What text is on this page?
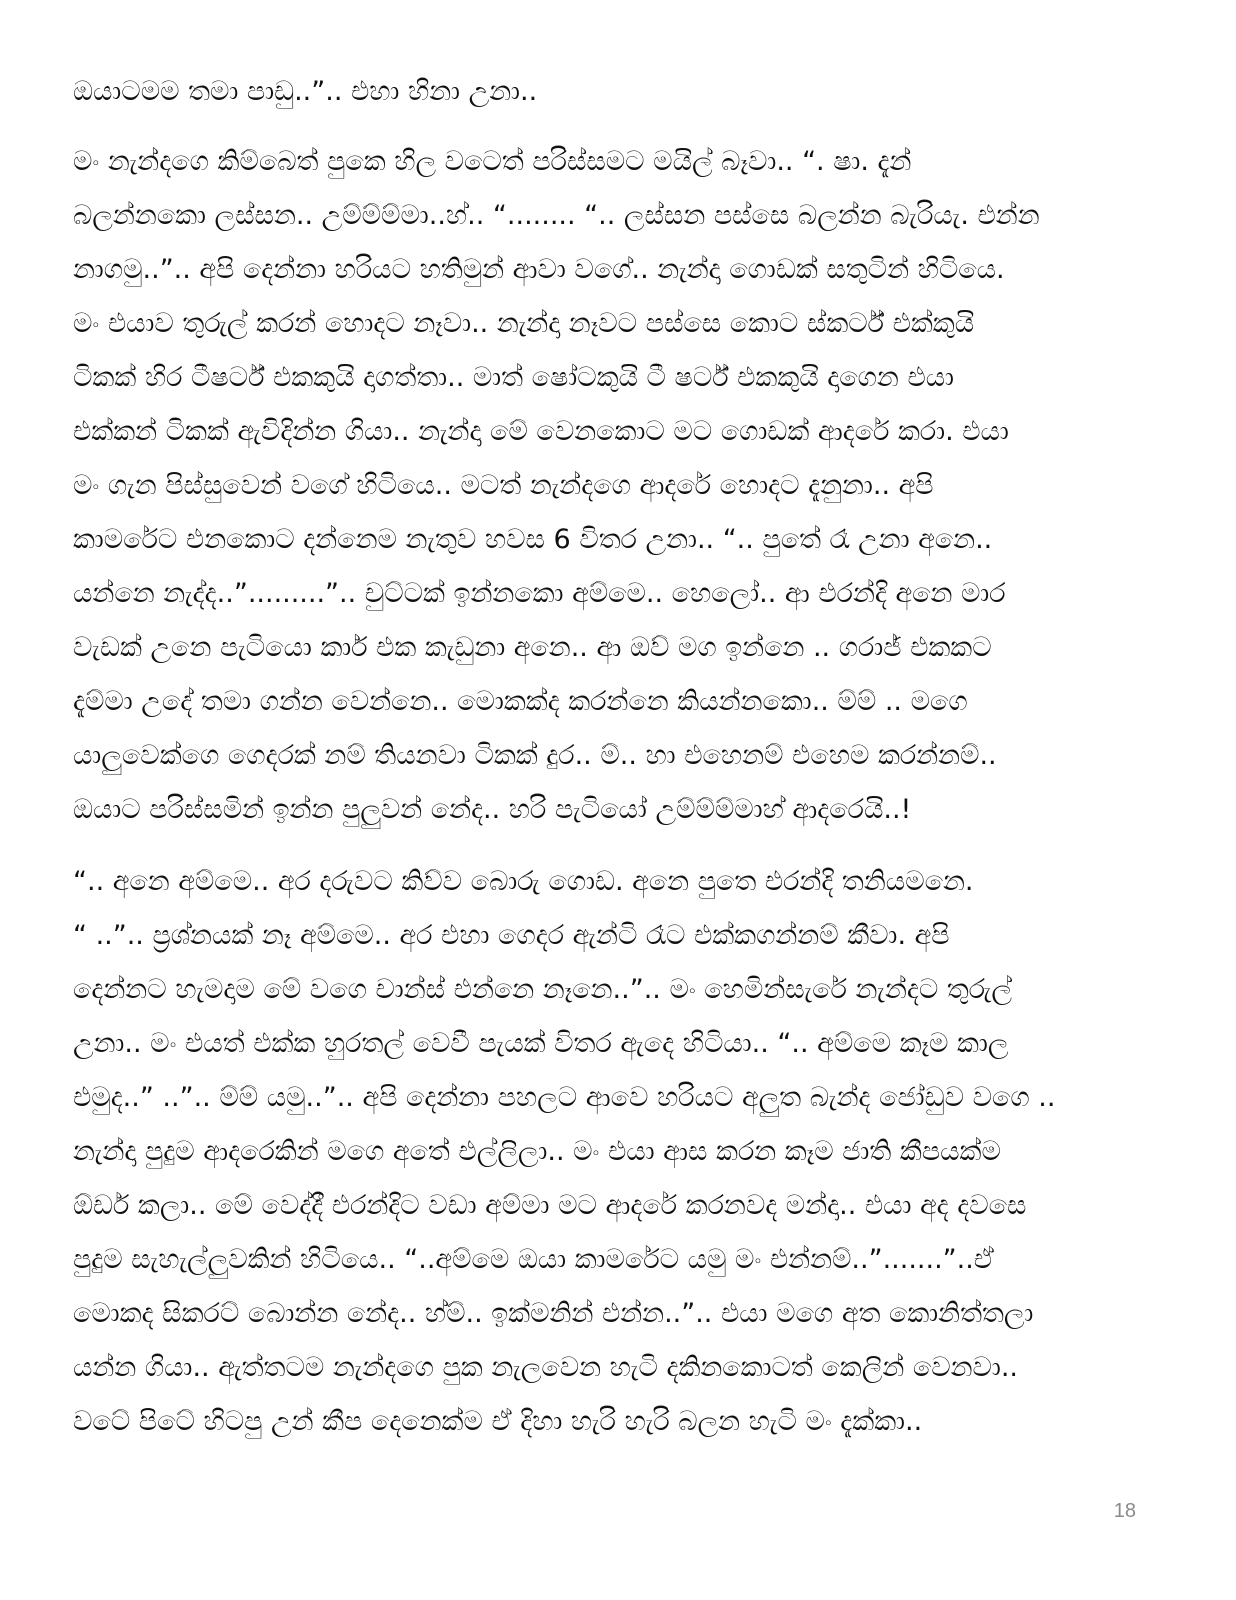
ඔයාටමම තමා පාඩු..”.. එහා හිනා උනා..
මං නැන්දගෙ කිම්බෙත් පුකෙ හිල වටෙත් පරිස්සමට මයිල් බෑවා.. “. ෂා. දැන්
බලන්නකො ලස්සන.. උම්ම්ම්මා..හ්.. “........ “.. ලස්සන පස්සෙ බලන්න බැරියැ. එන්න
නාගමු..”.. අපි දෙන්නා හරියට හතිමුන් ආවා වගේ.. නැන්දා ගොඩක් සතුටින් හිටියෙ.
මං එයාව තුරුල් කරන් හොදට නෑවා.. නැන්දා නෑවට පස්සෙ කොට ස්කර්ට් එක්කුයි
ටිකක් හිර ටීෂර්ට් එකකුයි දාගත්තා.. මාත් ෂෝටකුයි ටී ෂර්ට් එකකුයි දාගෙන එයා
එක්කන් ටිකක් ඇවිදින්න ගියා.. නැන්දා මේ වෙනකොට මට ගොඩක් ආදරේ කරා. එයා
මං ගැන පිස්සුවෙන් වගේ හිටියෙ.. මටත් නැන්දගෙ ආදරේ හොදට දැනුනා.. අපි
කාමරේට එනකොට දන්නෙම නැතුව හවස 6 විතර උනා.. “.. පුතේ රෑ උනා අනෙ..
යන්නෙ නැද්ද..”.........”.. චුට්ටක් ඉන්නකො අම්මෙ.. හෙලෝ.. ආ එරන්දි අනෙ මාර
වැඩක් උනෙ පැටියො කාර් එක කැඩුනා අනෙ.. ආ ඔව් මග ඉන්නෙ .. ගරාජ් එකකට
දැම්මා උදේ තමා ගන්න වෙන්නෙ.. මොකක්ද කරන්නෙ කියන්නකො.. ම්ම් .. මගෙ
යාලුවෙක්ගෙ ගෙදරක් නම් තියනවා ටිකක් දුර.. ම්.. හා එහෙනම් එහෙම කරන්නම්..
ඔයාට පරිස්සමින් ඉන්න පුලුවන් නේද.. හරි පැටියෝ උම්ම්ම්මාහ් ආදරෙයි..!
“.. අනෙ අම්මෙ.. අර දරුවට කිව්ව බොරු ගොඩ. අනෙ පුතෙ එරන්දි තනියමනෙ.
“ ..”.. ප්‍රශ්නයක් නෑ අම්මෙ.. අර එහා ගෙදර ඇන්ටි රෑට එක්කගන්නම් කීවා. අපි
දෙන්නට හැමදාම මේ වගෙ චාන්ස් එන්නෙ නෑනෙ..”.. මං හෙමින්සැරේ නැන්දට තුරුල්
උනා.. මං එයත් එක්ක හුරතල් වෙවී පැයක් විතර ඇදෙ හිටියා.. “.. අම්මෙ කෑම කාල
එමුද..” ..”.. ම්ම් යමු..”.. අපි දෙන්නා පහලට ආවෙ හරියට අලුත බැන්ද ජෝඩුව වගෙ ..
නැන්දා පුදුම ආදරෙකින් මගෙ අතේ එල්ලිලා.. මං එයා ආස කරන කෑම ජාති කීපයක්ම
ඕඩර් කලා.. මේ වෙද්දී එරන්දිට වඩා අම්මා මට ආදරේ කරනවද මන්දා.. එයා අද දවසෙ
පුදුම සැහැල්ලුවකින් හිටියෙ.. “..අම්මෙ ඔයා කාමරේට යමු මං එන්නම්..”.......”..ඒ
මොකද සිකරට් බොන්න නේද.. හ්ම්.. ඉක්මනින් එන්න..”.. එයා මගෙ අත කොනිත්තලා
යන්න ගියා.. ඇත්තටම නැන්දගෙ පුක නැලවෙන හැටි දකිනකොටත් කෙලින් වෙනවා..
වටේ පිටේ හිටපු උන් කීප දෙනෙක්ම ඒ දිහා හැරි හැරි බලන හැටි මං දැක්කා..
18
